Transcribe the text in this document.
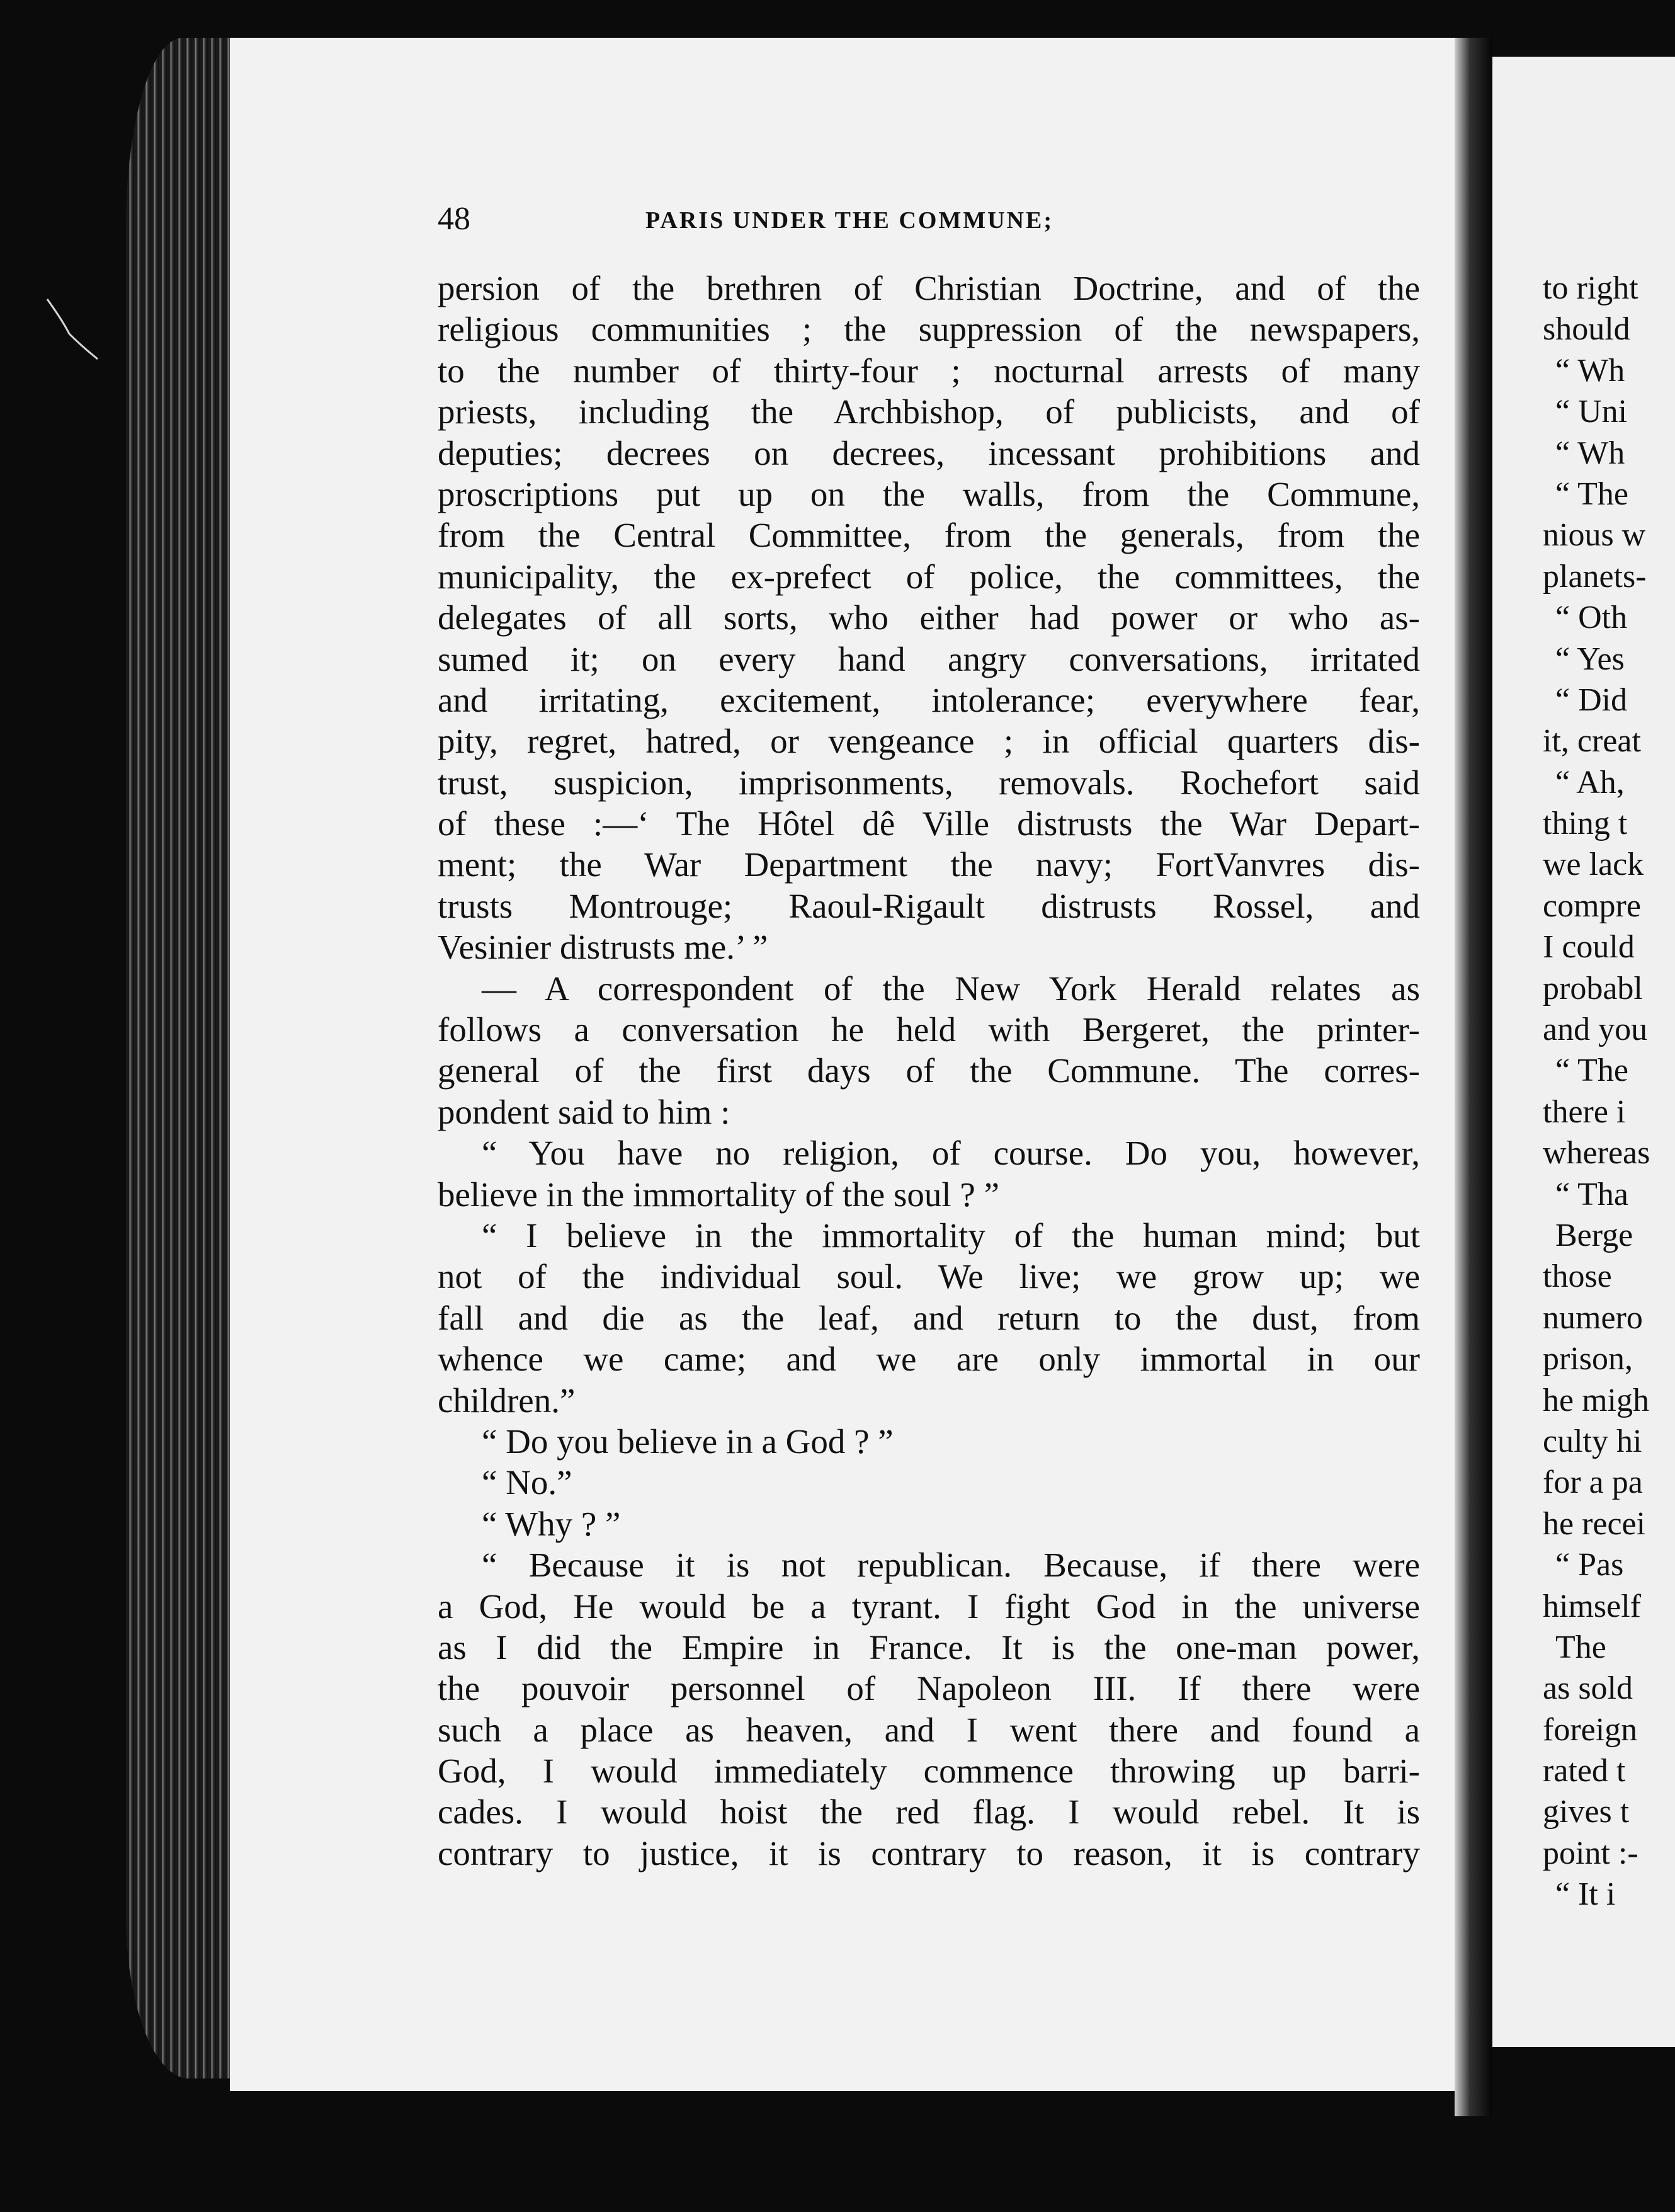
48	PARIS UNDER THE COMMUNE;
persion of the brethren of Christian Doctrine, and of the
religious communities ; the suppression of the newspapers,
to the number of thirty-four ; nocturnal arrests of many
priests, including the Archbishop, of publicists, and of
deputies; decrees on decrees, incessant prohibitions and
proscriptions put up on the walls, from the Commune,
from the Central Committee, from the generals, from the
municipality, the ex-prefect of police, the committees, the
delegates of all sorts, who either had power or who as-
sumed it; on every hand angry conversations, irritated
and irritating, excitement, intolerance; everywhere fear,
pity, regret, hatred, or vengeance ; in official quarters dis-
trust, suspicion, imprisonments, removals. Rochefort said
of these :—‘ The Hôtel dê Ville distrusts the War Depart-
ment; the War Department the navy; FortVanvres dis-
trusts Montrouge; Raoul-Rigault distrusts Rossel, and
Vesinier distrusts me.’ ”
— A correspondent of the New York Herald relates as
follows a conversation he held with Bergeret, the printer-
general of the first days of the Commune. The corres-
pondent said to him :
“ You have no religion, of course. Do you, however,
believe in the immortality of the soul ? ”
“ I believe in the immortality of the human mind; but
not of the individual soul. We live; we grow up; we
fall and die as the leaf, and return to the dust, from
whence we came; and we are only immortal in our
children.”
“ Do you believe in a God ? ”
“ No.”
“ Why ? ”
“ Because it is not republican. Because, if there were
a God, He would be a tyrant. I fight God in the universe
as I did the Empire in France. It is the one-man power,
the pouvoir personnel of Napoleon III. If there were
such a place as heaven, and I went there and found a
God, I would immediately commence throwing up barri-
cades. I would hoist the red flag. I would rebel. It is
contrary to justice, it is contrary to reason, it is contrary
to right
should
“ Wh
“ Uni
“ Wh
“ The
nious w
planets-
“ Oth
“ Yes
“ Did
it, creat
“ Ah,
thing t
we lack
compre
I could
probabl
and you
“ The
there i
whereas
“ Tha
Berge
those
numero
prison,
he migh
culty hi
for a pa
he recei
“ Pas
himself
The
as sold
foreign
rated t
gives t
point :-
“ It i
